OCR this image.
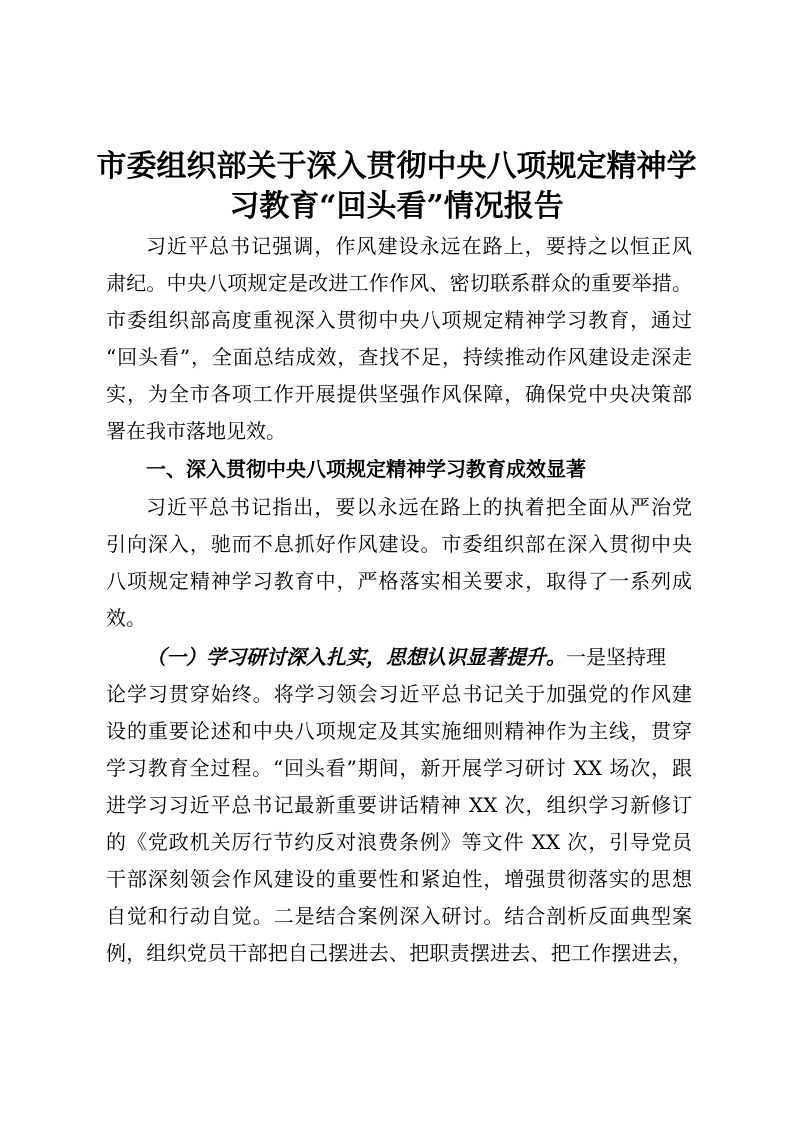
市委组织部关于深入贯彻中央八项规定精神学
习教育“回头看”情况报告
习近平总书记强调，作风建设永远在路上，要持之以恒正风
肃纪。中央八项规定是改进工作作风、密切联系群众的重要举措。
市委组织部高度重视深入贯彻中央八项规定精神学习教育，通过
“回头看”，全面总结成效，查找不足，持续推动作风建设走深走
实，为全市各项工作开展提供坚强作风保障，确保党中央决策部
署在我市落地见效。
一、深入贯彻中央八项规定精神学习教育成效显著
习近平总书记指出，要以永远在路上的执着把全面从严治党
引向深入，驰而不息抓好作风建设。市委组织部在深入贯彻中央
八项规定精神学习教育中，严格落实相关要求，取得了一系列成
效。
（一）学习研讨深入扎实，思想认识显著提升。一是坚持理
论学习贯穿始终。将学习领会习近平总书记关于加强党的作风建
设的重要论述和中央八项规定及其实施细则精神作为主线，贯穿
学习教育全过程。“回头看”期间，新开展学习研讨 XX 场次，跟
进学习习近平总书记最新重要讲话精神 XX 次，组织学习新修订
的《党政机关厉行节约反对浪费条例》等文件 XX 次，引导党员
干部深刻领会作风建设的重要性和紧迫性，增强贯彻落实的思想
自觉和行动自觉。二是结合案例深入研讨。结合剖析反面典型案
例，组织党员干部把自己摆进去、把职责摆进去、把工作摆进去，
